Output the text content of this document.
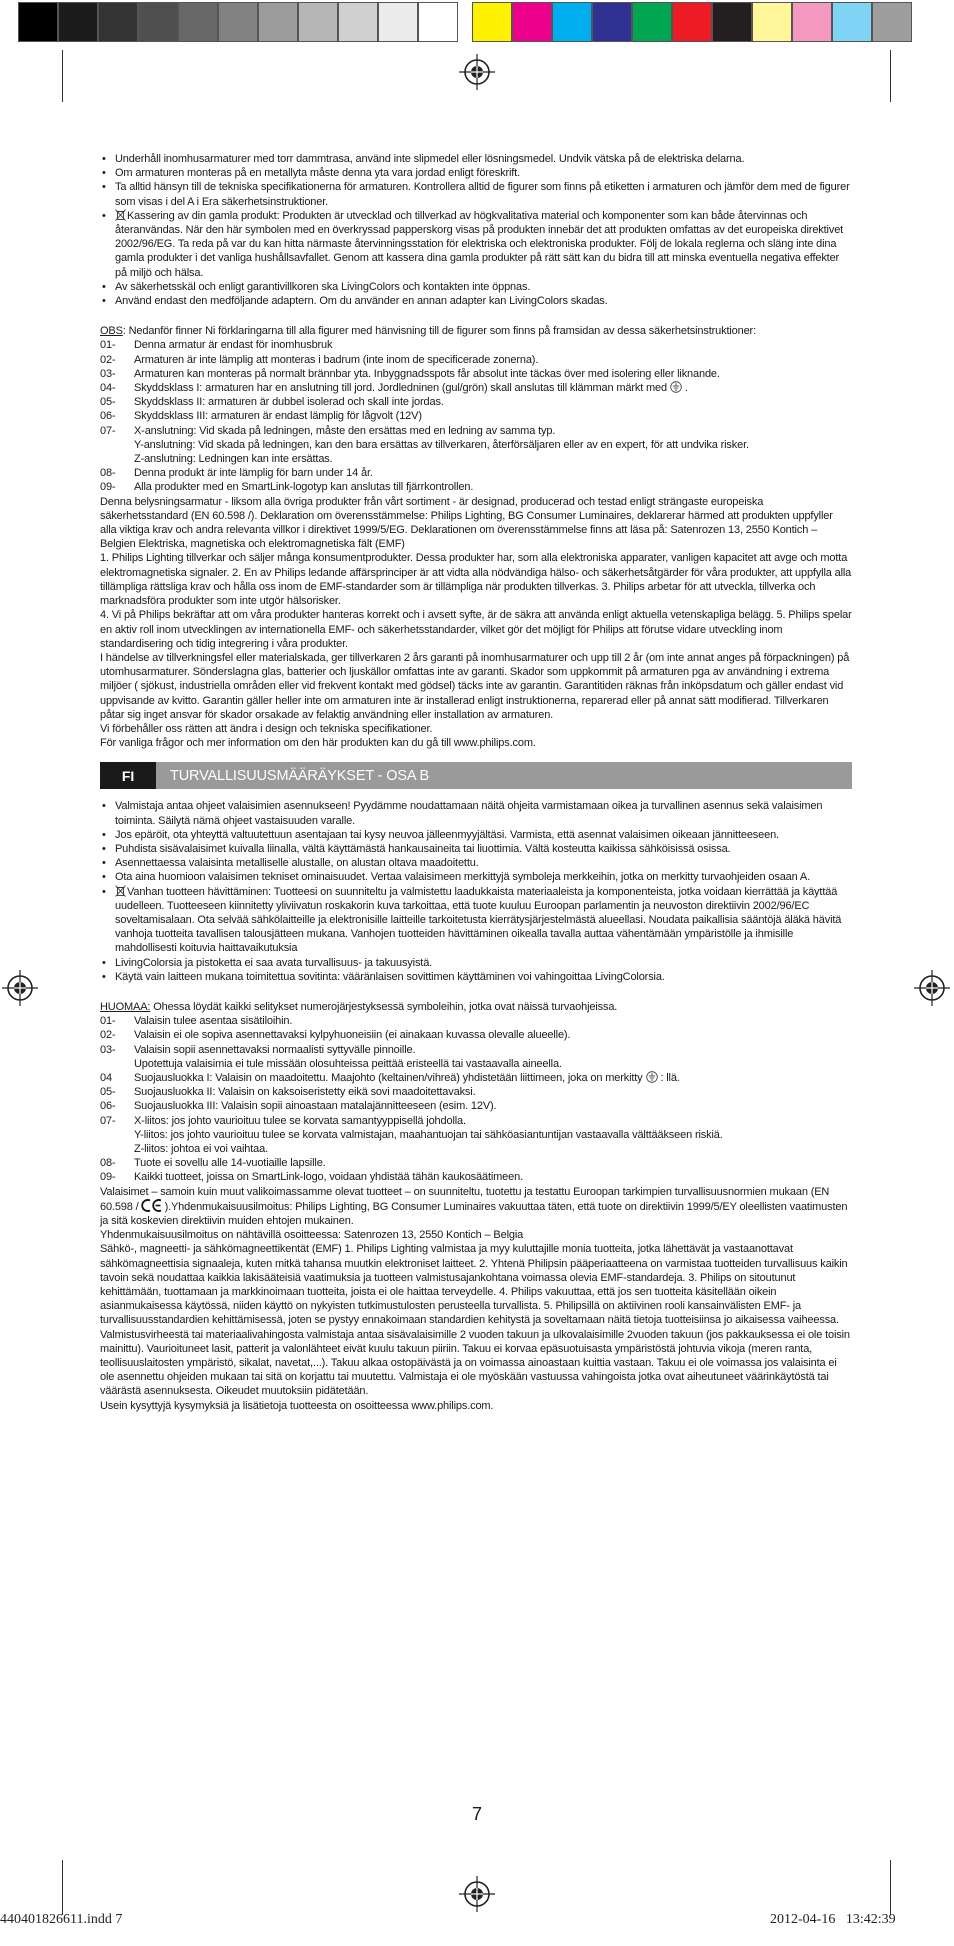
• Underhåll inomhusarmaturer med torr dammtrasa, använd inte slipmedel eller lösningsmedel. Undvik vätska på de elektriska delarna.
• Om armaturen monteras på en metallyta måste denna yta vara jordad enligt föreskrift.
• Ta alltid hänsyn till de tekniska specifikationerna för armaturen. Kontrollera alltid de figurer som finns på etiketten i armaturen och jämför dem med de figurer som visas i del A i Era säkerhetsinstruktioner.
• Kassering av din gamla produkt: Produkten är utvecklad och tillverkad av högkvalitativa material och komponenter som kan både återvinnas och återanvändas. När den här symbolen med en överkryssad papperskorg visas på produkten innebär det att produkten omfattas av det europeiska direktivet 2002/96/EG. Ta reda på var du kan hitta närmaste återvinningsstation för elektriska och elektroniska produkter. Följ de lokala reglerna och släng inte dina gamla produkter i det vanliga hushållsavfallet. Genom att kassera dina gamla produkter på rätt sätt kan du bidra till att minska eventuella negativa effekter på miljö och hälsa.
• Av säkerhetsskäl och enligt garantivillkoren ska LivingColors och kontakten inte öppnas.
• Använd endast den medföljande adaptern. Om du använder en annan adapter kan LivingColors skadas.

OBS: Nedanför finner Ni förklaringarna till alla figurer med hänvisning till de figurer som finns på framsidan av dessa säkerhetsinstruktioner:

01-	Denna armatur är endast för inomhusbruk
02-	Armaturen är inte lämplig att monteras i badrum (inte inom de specificerade zonerna).
03-	Armaturen kan monteras på normalt brännbar yta. Inbyggnadsspots får absolut inte täckas över med isolering eller liknande.
04-	Skyddsklass I: armaturen har en anslutning till jord. Jordledninen (gul/grön) skall anslutas till klämman märkt med .
05-	Skyddsklass II: armaturen är dubbel isolerad och skall inte jordas.
06-	Skyddsklass III: armaturen är endast lämplig för lågvolt (12V)
07-	X-anslutning: Vid skada på ledningen, måste den ersättas med en ledning av samma typ.
Y-anslutning: Vid skada på ledningen, kan den bara ersättas av tillverkaren, återförsäljaren eller av en expert, för att undvika risker.
Z-anslutning: Ledningen kan inte ersättas.
08-	Denna produkt är inte lämplig för barn under 14 år.
09-	Alla produkter med en SmartLink-logotyp kan anslutas till fjärrkontrollen.

Denna belysningsarmatur - liksom alla övriga produkter från vårt sortiment - är designad, producerad och testad enligt strängaste europeiska säkerhetsstandard (EN 60.598 /). Deklaration om överensstämmelse: Philips Lighting, BG Consumer Luminaires, deklarerar härmed att produkten uppfyller alla viktiga krav och andra relevanta villkor i direktivet 1999/5/EG. Deklarationen om överensstämmelse finns att läsa på: Satenrozen 13, 2550 Kontich – Belgien Elektriska, magnetiska och elektromagnetiska fält (EMF)

1. Philips Lighting tillverkar och säljer många konsumentprodukter. Dessa produkter har, som alla elektroniska apparater, vanligen kapacitet att avge och motta elektromagnetiska signaler. 2. En av Philips ledande affärsprinciper är att vidta alla nödvändiga hälso- och säkerhetsåtgärder för våra produkter, att uppfylla alla tillämpliga rättsliga krav och hålla oss inom de EMF-standarder som är tillämpliga när produkten tillverkas. 3. Philips arbetar för att utveckla, tillverka och marknadsföra produkter som inte utgör hälsorisker.

4. Vi på Philips bekräftar att om våra produkter hanteras korrekt och i avsett syfte, är de säkra att använda enligt aktuella vetenskapliga belägg. 5. Philips spelar en aktiv roll inom utvecklingen av internationella EMF- och säkerhetsstandarder, vilket gör det möjligt för Philips att förutse vidare utveckling inom standardisering och tidig integrering i våra produkter.

I händelse av tillverkningsfel eller materialskada, ger tillverkaren 2 års garanti på inomhusarmaturer och upp till 2 år (om inte annat anges på förpackningen) på utomhusarmaturer. Sönderslagna glas, batterier och ljuskällor omfattas inte av garanti. Skador som uppkommit på armaturen pga av användning i extrema miljöer ( sjökust, industriella områden eller vid frekvent kontakt med gödsel) täcks inte av garantin. Garantitiden räknas från inköpsdatum och gäller endast vid uppvisande av kvitto. Garantin gäller heller inte om armaturen inte är installerad enligt instruktionerna, reparerad eller på annat sätt modifierad. Tillverkaren påtar sig inget ansvar för skador orsakade av felaktig användning eller installation av armaturen.

Vi förbehåller oss rätten att ändra i design och tekniska specifikationer.

För vanliga frågor och mer information om den här produkten kan du gå till www.philips.com.

FI	TURVALLISUUSMÄÄRÄYKSET - OSA B
• Valmistaja antaa ohjeet valaisimien asennukseen! Pyydämme noudattamaan näitä ohjeita varmistamaan oikea ja turvallinen asennus sekä valaisimen toiminta. Säilytä nämä ohjeet vastaisuuden varalle.
• Jos epäröit, ota yhteyttä valtuutettuun asentajaan tai kysy neuvoa jälleenmyyjältäsi. Varmista, että asennat valaisimen oikeaan jännitteeseen.
• Puhdista sisävalaisimet kuivalla liinalla, vältä käyttämästä hankausaineita tai liuottimia. Vältä kosteutta kaikissa sähköisissä osissa.
• Asennettaessa valaisinta metalliselle alustalle, on alustan oltava maadoitettu.
• Ota aina huomioon valaisimen tekniset ominaisuudet. Vertaa valaisimeen merkittyjä symboleja merkkeihin, jotka on merkitty turvaohjeiden osaan A.
• Vanhan tuotteen hävittäminen: Tuotteesi on suunniteltu ja valmistettu laadukkaista materiaaleista ja komponenteista, jotka voidaan kierrättää ja käyttää uudelleen. Tuotteeseen kiinnitetty yliviivatun roskakorin kuva tarkoittaa, että tuote kuuluu Euroopan parlamentin ja neuvoston direktiivin 2002/96/EC soveltamisalaan. Ota selvää sähkölaitteille ja elektronisille laitteille tarkoitetusta kierrätysjärjestelmästä alueellasi. Noudata paikallisia sääntöjä äläkä hävitä vanhoja tuotteita tavallisen talousjätteen mukana. Vanhojen tuotteiden hävittäminen oikealla tavalla auttaa vähentämään ympäristölle ja ihmisille mahdollisesti koituvia haittavaikutuksia
• LivingColorsia ja pistoketta ei saa avata turvallisuus- ja takuusyistä.
• Käytä vain laitteen mukana toimitettua sovitinta: vääränlaisen sovittimen käyttäminen voi vahingoittaa LivingColorsia.

HUOMAA: Ohessa löydät kaikki selitykset numerojärjestyksessä symboleihin, jotka ovat näissä turvaohjeissa.

01-	Valaisin tulee asentaa sisätiloihin.
02-	Valaisin ei ole sopiva asennettavaksi kylpyhuoneisiin (ei ainakaan kuvassa olevalle alueelle).
03-	Valaisin sopii asennettavaksi normaalisti syttyvälle pinnoille.
Upotettuja valaisimia ei tule missään olosuhteissa peittää eristeellä tai vastaavalla aineella.
04	Suojausluokka I: Valaisin on maadoitettu. Maajohto (keltainen/vihreä) yhdistetään liittimeen, joka on merkitty : llä.
05-	Suojausluokka II: Valaisin on kaksoiseristetty eikä sovi maadoitettavaksi.
06-	Suojausluokka III: Valaisin sopii ainoastaan matalajännitteeseen (esim. 12V).
07-	X-liitos: jos johto vaurioituu tulee se korvata samantyyppisellä johdolla.
Y-liitos: jos johto vaurioituu tulee se korvata valmistajan, maahantuojan tai sähköasiantuntijan vastaavalla välttääkseen riskiä.
Z-liitos: johtoa ei voi vaihtaa.
08-	Tuote ei sovellu alle 14-vuotiaille lapsille.
09-	Kaikki tuotteet, joissa on SmartLink-logo, voidaan yhdistää tähän kaukosäätimeen.

Valaisimet – samoin kuin muut valikoimassamme olevat tuotteet – on suunniteltu, tuotettu ja testattu Euroopan tarkimpien turvallisuusnormien mukaan (EN 60.598 / ).Yhdenmukaisuusilmoitus: Philips Lighting, BG Consumer Luminaires vakuuttaa täten, että tuote on direktiivin 1999/5/EY oleellisten vaatimusten ja sitä koskevien direktiivin muiden ehtojen mukainen.

Yhdenmukaisuusilmoitus on nähtävillä osoitteessa: Satenrozen 13, 2550 Kontich – Belgia

Sähkö-, magneetti- ja sähkömagneettikentät (EMF) 1. Philips Lighting valmistaa ja myy kuluttajille monia tuotteita, jotka lähettävät ja vastaanottavat sähkömagneettisia signaaleja, kuten mitkä tahansa muutkin elektroniset laitteet. 2. Yhtenä Philipsin pääperiaatteena on varmistaa tuotteiden turvallisuus kaikin tavoin sekä noudattaa kaikkia lakisääteisiä vaatimuksia ja tuotteen valmistusajankohtana voimassa olevia EMF-standardeja. 3. Philips on sitoutunut kehittämään, tuottamaan ja markkinoimaan tuotteita, joista ei ole haittaa terveydelle. 4. Philips vakuuttaa, että jos sen tuotteita käsitellään oikein asianmukaisessa käytössä, niiden käyttö on nykyisten tutkimustulosten perusteella turvallista. 5. Philipsillä on aktiivinen rooli kansainvälisten EMF- ja turvallisuusstandardien kehittämisessä, joten se pystyy ennakoimaan standardien kehitystä ja soveltamaan näitä tietoja tuotteisiinsa jo aikaisessa vaiheessa.

Valmistusvirheestä tai materiaalivahingosta valmistaja antaa sisävalaisimille 2 vuoden takuun ja ulkovalaisimille 2vuoden takuun (jos pakkauksessa ei ole toisin mainittu). Vaurioituneet lasit, patterit ja valonlähteet eivät kuulu takuun piiriin. Takuu ei korvaa epäsuotuisasta ympäristöstä johtuvia vikoja (meren ranta, teollisuuslaitosten ympäristö, sikalat, navetat,...). Takuu alkaa ostopäivästä ja on voimassa ainoastaan kuittia vastaan. Takuu ei ole voimassa jos valaisinta ei ole asennettu ohjeiden mukaan tai sitä on korjattu tai muutettu. Valmistaja ei ole myöskään vastuussa vahingoista jotka ovat aiheutuneet väärinkäytöstä tai väärästä asennuksesta. Oikeudet muutoksiin pidätetään.

Usein kysyttyjä kysymyksiä ja lisätietoja tuotteesta on osoitteessa www.philips.com.

7
440401826611.indd 7	2012-04-16   13:42:39
